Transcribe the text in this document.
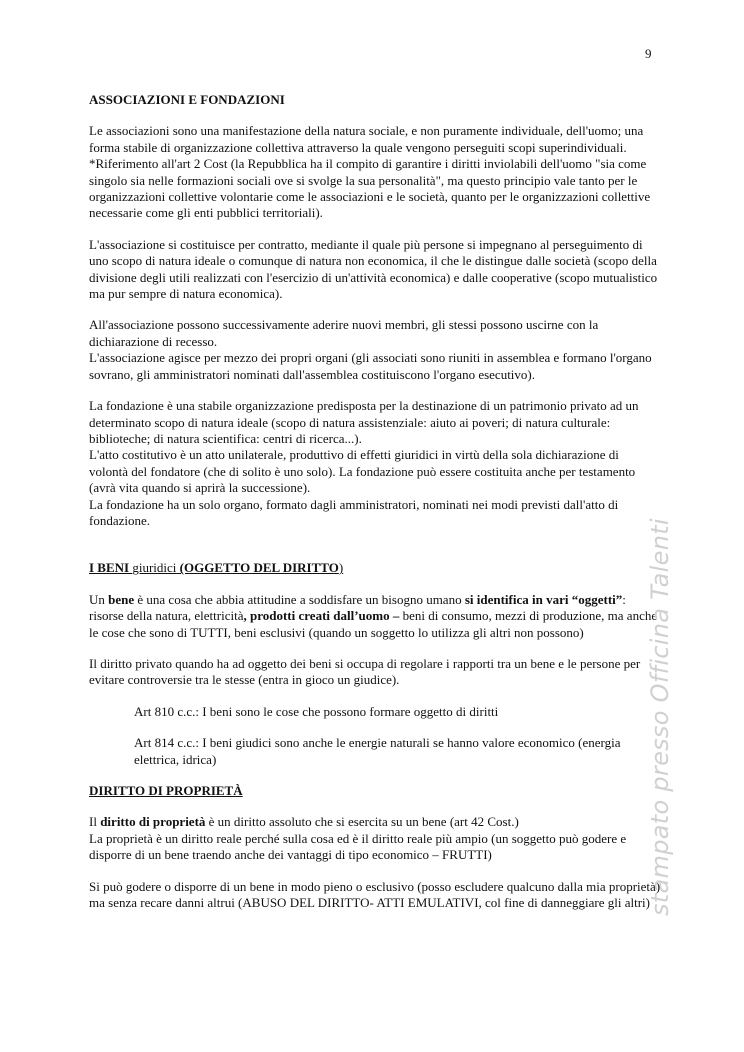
9
ASSOCIAZIONI E FONDAZIONI

Le associazioni sono una manifestazione della natura sociale, e non puramente individuale, dell'uomo; una forma stabile di organizzazione collettiva attraverso la quale vengono perseguiti scopi superindividuali. *Riferimento all'art 2 Cost (la Repubblica ha il compito di garantire i diritti inviolabili dell'uomo "sia come singolo sia nelle formazioni sociali ove si svolge la sua personalità", ma questo principio vale tanto per le organizzazioni collettive volontarie come le associazioni e le società, quanto per le organizzazioni collettive necessarie come gli enti pubblici territoriali).

L'associazione si costituisce per contratto, mediante il quale più persone si impegnano al perseguimento di uno scopo di natura ideale o comunque di natura non economica, il che le distingue dalle società (scopo della divisione degli utili realizzati con l'esercizio di un'attività economica) e dalle cooperative (scopo mutualistico ma pur sempre di natura economica).

All'associazione possono successivamente aderire nuovi membri, gli stessi possono uscirne con la dichiarazione di recesso.

L'associazione agisce per mezzo dei propri organi (gli associati sono riuniti in assemblea e formano l'organo sovrano, gli amministratori nominati dall'assemblea costituiscono l'organo esecutivo).

La fondazione è una stabile organizzazione predisposta per la destinazione di un patrimonio privato ad un determinato scopo di natura ideale (scopo di natura assistenziale: aiuto ai poveri; di natura culturale: biblioteche; di natura scientifica: centri di ricerca...).

L'atto costitutivo è un atto unilaterale, produttivo di effetti giuridici in virtù della sola dichiarazione di volontà del fondatore (che di solito è uno solo). La fondazione può essere costituita anche per testamento (avrà vita quando si aprirà la successione).

La fondazione ha un solo organo, formato dagli amministratori, nominati nei modi previsti dall'atto di fondazione.

I BENI giuridici (OGGETTO DEL DIRITTO)

Un bene è una cosa che abbia attitudine a soddisfare un bisogno umano si identifica in vari “oggetti”: risorse della natura, elettricità, prodotti creati dall’uomo – beni di consumo, mezzi di produzione, ma anche le cose che sono di TUTTI, beni esclusivi (quando un soggetto lo utilizza gli altri non possono)

Il diritto privato quando ha ad oggetto dei beni si occupa di regolare i rapporti tra un bene e le persone per evitare controversie tra le stesse (entra in gioco un giudice).

Art 810 c.c.: I beni sono le cose che possono formare oggetto di diritti

Art 814 c.c.: I beni giudici sono anche le energie naturali se hanno valore economico (energia elettrica, idrica)

DIRITTO DI PROPRIETÀ

Il diritto di proprietà è un diritto assoluto che si esercita su un bene (art 42 Cost.)

La proprietà è un diritto reale perché sulla cosa ed è il diritto reale più ampio (un soggetto può godere e disporre di un bene traendo anche dei vantaggi di tipo economico – FRUTTI)

Si può godere o disporre di un bene in modo pieno o esclusivo (posso escludere qualcuno dalla mia proprietà) ma senza recare danni altrui (ABUSO DEL DIRITTO- ATTI EMULATIVI, col fine di danneggiare gli altri)

stampato presso Officina Talenti
